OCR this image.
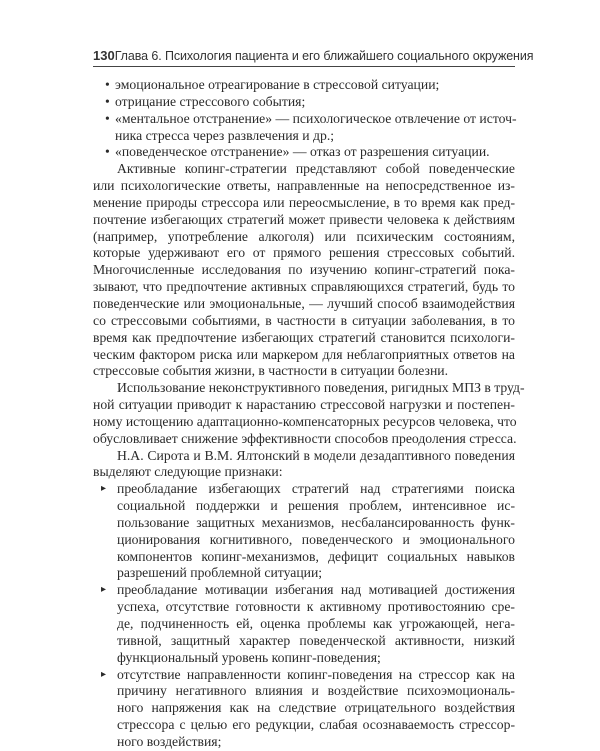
130 Глава 6. Психология пациента и его ближайшего социального окружения
• эмоциональное отреагирование в стрессовой ситуации;
• отрицание стрессового события;
• «ментальное отстранение» — психологическое отвлечение от источ-
ника стресса через развлечения и др.;
• «поведенческое отстранение» — отказ от разрешения ситуации.
Активные копинг-стратегии представляют собой поведенческие
или психологические ответы, направленные на непосредственное из-
менение природы стрессора или переосмысление, в то время как пред-
почтение избегающих стратегий может привести человека к действиям
(например, употребление алкоголя) или психическим состояниям,
которые удерживают его от прямого решения стрессовых событий.
Многочисленные исследования по изучению копинг-стратегий пока-
зывают, что предпочтение активных справляющихся стратегий, будь то
поведенческие или эмоциональные, — лучший способ взаимодействия
со стрессовыми событиями, в частности в ситуации заболевания, в то
время как предпочтение избегающих стратегий становится психологи-
ческим фактором риска или маркером для неблагоприятных ответов на
стрессовые события жизни, в частности в ситуации болезни.
Использование неконструктивного поведения, ригидных МПЗ в труд-
ной ситуации приводит к нарастанию стрессовой нагрузки и постепен-
ному истощению адаптационно-компенсаторных ресурсов человека, что
обусловливает снижение эффективности способов преодоления стресса.
Н.А. Сирота и В.М. Ялтонский в модели дезадаптивного поведения
выделяют следующие признаки:
▸ преобладание избегающих стратегий над стратегиями поиска
социальной поддержки и решения проблем, интенсивное ис-
пользование защитных механизмов, несбалансированность функ-
ционирования когнитивного, поведенческого и эмоционального
компонентов копинг-механизмов, дефицит социальных навыков
разрешений проблемной ситуации;
▸ преобладание мотивации избегания над мотивацией достижения
успеха, отсутствие готовности к активному противостоянию сре-
де, подчиненность ей, оценка проблемы как угрожающей, нега-
тивной, защитный характер поведенческой активности, низкий
функциональный уровень копинг-поведения;
▸ отсутствие направленности копинг-поведения на стрессор как на
причину негативного влияния и воздействие психоэмоциональ-
ного напряжения как на следствие отрицательного воздействия
стрессора с целью его редукции, слабая осознаваемость стрессор-
ного воздействия;
